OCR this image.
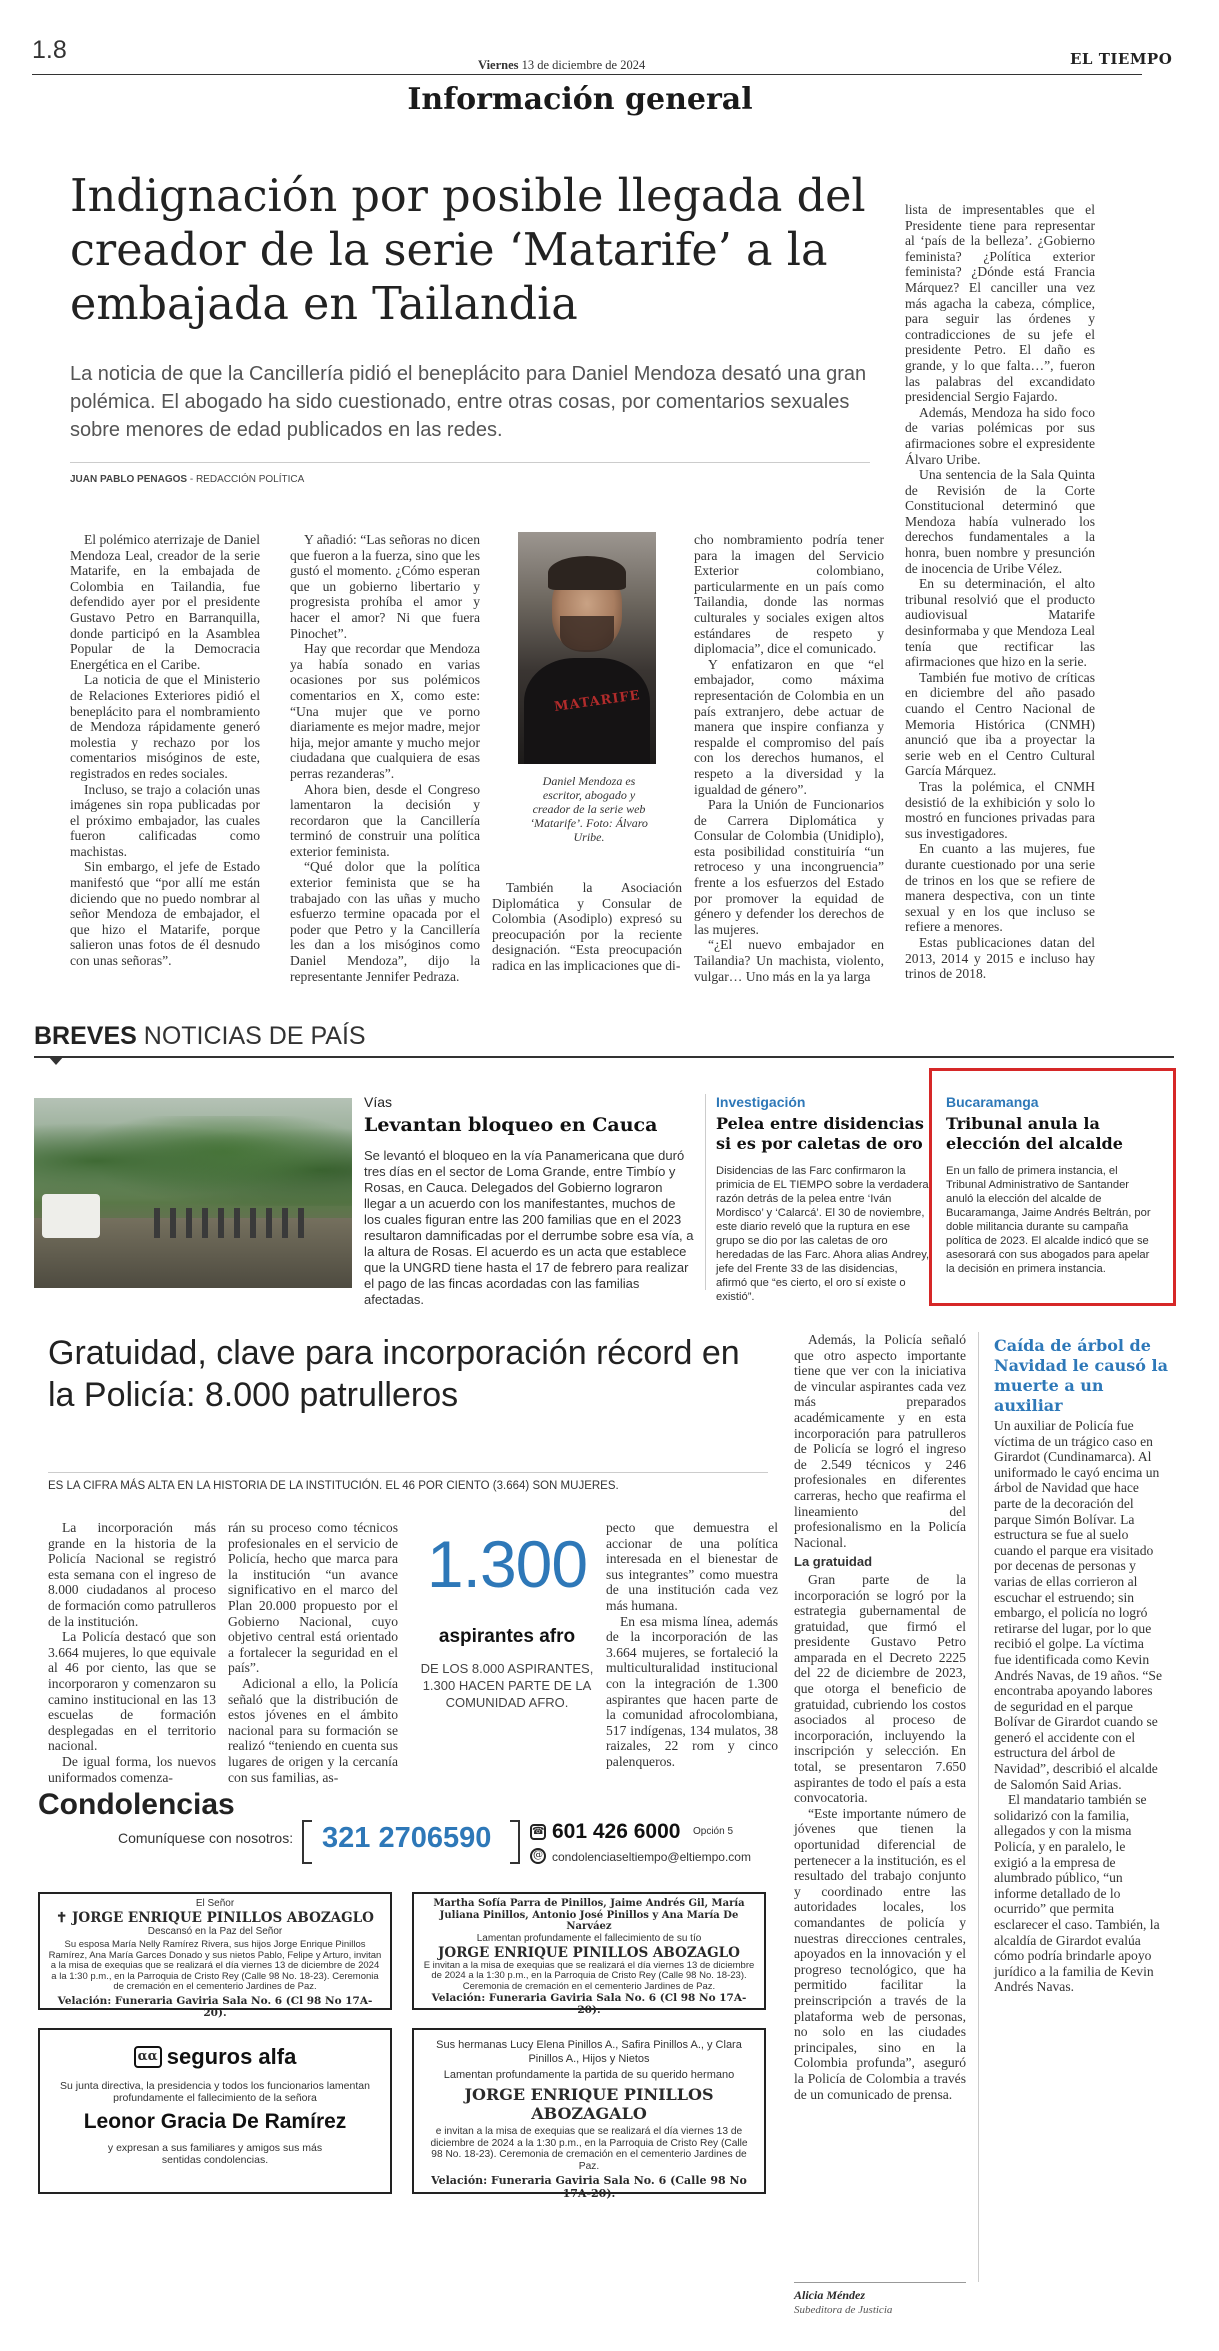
1.8
Viernes 13 de diciembre de 2024	EL TIEMPO
Información general
Indignación por posible llegada del creador de la serie ‘Matarife’ a la embajada en Tailandia
La noticia de que la Cancillería pidió el beneplácito para Daniel Mendoza desató una gran polémica. El abogado ha sido cuestionado, entre otras cosas, por comentarios sexuales sobre menores de edad publicados en las redes.
JUAN PABLO PENAGOS - REDACCIÓN POLÍTICA

El polémico aterrizaje de Daniel Mendoza Leal, creador de la serie Matarife, en la embajada de Colombia en Tailandia, fue defendido ayer por el presidente Gustavo Petro en Barranquilla, donde participó en la Asamblea Popular de la Democracia Energética en el Caribe.

La noticia de que el Ministerio de Relaciones Exteriores pidió el beneplácito para el nombramiento de Mendoza rápidamente generó molestia y rechazo por los comentarios misóginos de este, registrados en redes sociales.

Incluso, se trajo a colación unas imágenes sin ropa publicadas por el próximo embajador, las cuales fueron calificadas como machistas.

Sin embargo, el jefe de Estado manifestó que “por allí me están diciendo que no puedo nombrar al señor Mendoza de embajador, el que hizo el Matarife, porque salieron unas fotos de él desnudo con unas señoras”.

Y añadió: “Las señoras no dicen que fueron a la fuerza, sino que les gustó el momento. ¿Cómo esperan que un gobierno libertario y progresista prohíba el amor y hacer el amor? Ni que fuera Pinochet”.

Hay que recordar que Mendoza ya había sonado en varias ocasiones por sus polémicos comentarios en X, como este: “Una mujer que ve porno diariamente es mejor madre, mejor hija, mejor amante y mucho mejor ciudadana que cualquiera de esas perras rezanderas”.

Ahora bien, desde el Congreso lamentaron la decisión y recordaron que la Cancillería terminó de construir una política exterior feminista.

“Qué dolor que la política exterior feminista que se ha trabajado con las uñas y mucho esfuerzo termine opacada por el poder que Petro y la Cancillería les dan a los misóginos como Daniel Mendoza”, dijo la representante Jennifer Pedraza.

MATARIFE
Daniel Mendoza es escritor, abogado y creador de la serie web ‘Matarife’. Foto: Álvaro Uribe.

También la Asociación Diplomática y Consular de Colombia (Asodiplo) expresó su preocupación por la reciente designación. “Esta preocupación radica en las implicaciones que di-

cho nombramiento podría tener para la imagen del Servicio Exterior colombiano, particularmente en un país como Tailandia, donde las normas culturales y sociales exigen altos estándares de respeto y diplomacia”, dice el comunicado.

Y enfatizaron en que “el embajador, como máxima representación de Colombia en un país extranjero, debe actuar de manera que inspire confianza y respalde el compromiso del país con los derechos humanos, el respeto a la diversidad y la igualdad de género”.

Para la Unión de Funcionarios de Carrera Diplomática y Consular de Colombia (Unidiplo), esta posibilidad constituiría “un retroceso y una incongruencia” frente a los esfuerzos del Estado por promover la equidad de género y defender los derechos de las mujeres.

“¿El nuevo embajador en Tailandia? Un machista, violento, vulgar… Uno más en la ya larga

lista de impresentables que el Presidente tiene para representar al ‘país de la belleza’. ¿Gobierno feminista? ¿Política exterior feminista? ¿Dónde está Francia Márquez? El canciller una vez más agacha la cabeza, cómplice, para seguir las órdenes y contradicciones de su jefe el presidente Petro. El daño es grande, y lo que falta…”, fueron las palabras del excandidato presidencial Sergio Fajardo.

Además, Mendoza ha sido foco de varias polémicas por sus afirmaciones sobre el expresidente Álvaro Uribe.

Una sentencia de la Sala Quinta de Revisión de la Corte Constitucional determinó que Mendoza había vulnerado los derechos fundamentales a la honra, buen nombre y presunción de inocencia de Uribe Vélez.

En su determinación, el alto tribunal resolvió que el producto audiovisual Matarife desinformaba y que Mendoza Leal tenía que rectificar las afirmaciones que hizo en la serie.

También fue motivo de críticas en diciembre del año pasado cuando el Centro Nacional de Memoria Histórica (CNMH) anunció que iba a proyectar la serie web en el Centro Cultural García Márquez.

Tras la polémica, el CNMH desistió de la exhibición y solo lo mostró en funciones privadas para sus investigadores.

En cuanto a las mujeres, fue durante cuestionado por una serie de trinos en los que se refiere de manera despectiva, con un tinte sexual y en los que incluso se refiere a menores.

Estas publicaciones datan del 2013, 2014 y 2015 e incluso hay trinos de 2018.

BREVES NOTICIAS DE PAÍS
Vías
Levantan bloqueo en Cauca
Se levantó el bloqueo en la vía Panamericana que duró tres días en el sector de Loma Grande, entre Timbío y Rosas, en Cauca. Delegados del Gobierno lograron llegar a un acuerdo con los manifestantes, muchos de los cuales figuran entre las 200 familias que en el 2023 resultaron damnificadas por el derrumbe sobre esa vía, a la altura de Rosas. El acuerdo es un acta que establece que la UNGRD tiene hasta el 17 de febrero para realizar el pago de las fincas acordadas con las familias afectadas.
Investigación
Pelea entre disidencias si es por caletas de oro
Disidencias de las Farc confirmaron la primicia de EL TIEMPO sobre la verdadera razón detrás de la pelea entre ‘Iván Mordisco’ y ‘Calarcá’. El 30 de noviembre, este diario reveló que la ruptura en ese grupo se dio por las caletas de oro heredadas de las Farc. Ahora alias Andrey, jefe del Frente 33 de las disidencias, afirmó que “es cierto, el oro sí existe o existió”.
Bucaramanga
Tribunal anula la elección del alcalde
En un fallo de primera instancia, el Tribunal Administrativo de Santander anuló la elección del alcalde de Bucaramanga, Jaime Andrés Beltrán, por doble militancia durante su campaña política de 2023. El alcalde indicó que se asesorará con sus abogados para apelar la decisión en primera instancia.
Gratuidad, clave para incorporación récord en la Policía: 8.000 patrulleros
ES LA CIFRA MÁS ALTA EN LA HISTORIA DE LA INSTITUCIÓN. EL 46 POR CIENTO (3.664) SON MUJERES.

La incorporación más grande en la historia de la Policía Nacional se registró esta semana con el ingreso de 8.000 ciudadanos al proceso de formación como patrulleros de la institución.

La Policía destacó que son 3.664 mujeres, lo que equivale al 46 por ciento, las que se incorporaron y comenzaron su camino institucional en las 13 escuelas de formación desplegadas en el territorio nacional.

De igual forma, los nuevos uniformados comenza-

rán su proceso como técnicos profesionales en el servicio de Policía, hecho que marca para la institución “un avance significativo en el marco del Plan 20.000 propuesto por el Gobierno Nacional, cuyo objetivo central está orientado a fortalecer la seguridad en el país”.

Adicional a ello, la Policía señaló que la distribución de estos jóvenes en el ámbito nacional para su formación se realizó “teniendo en cuenta sus lugares de origen y la cercanía con sus familias, as-

1.300
aspirantes afro
DE LOS 8.000 ASPIRANTES, 1.300 HACEN PARTE DE LA COMUNIDAD AFRO.

pecto que demuestra el accionar de una política interesada en el bienestar de sus integrantes” como muestra de una institución cada vez más humana.

En esa misma línea, además de la incorporación de las 3.664 mujeres, se fortaleció la multiculturalidad institucional con la integración de 1.300 aspirantes que hacen parte de la comunidad afrocolombiana, 517 indígenas, 134 mulatos, 38 raizales, 22 rom y cinco palenqueros.

Además, la Policía señaló que otro aspecto importante tiene que ver con la iniciativa de vincular aspirantes cada vez más preparados académicamente y en esta incorporación para patrulleros de Policía se logró el ingreso de 2.549 técnicos y 246 profesionales en diferentes carreras, hecho que reafirma el lineamiento del profesionalismo en la Policía Nacional.

La gratuidad

Gran parte de la incorporación se logró por la estrategia gubernamental de gratuidad, que firmó el presidente Gustavo Petro amparada en el Decreto 2225 del 22 de diciembre de 2023, que otorga el beneficio de gratuidad, cubriendo los costos asociados al proceso de incorporación, incluyendo la inscripción y selección. En total, se presentaron 7.650 aspirantes de todo el país a esta convocatoria.

“Este importante número de jóvenes que tienen la oportunidad diferencial de pertenecer a la institución, es el resultado del trabajo conjunto y coordinado entre las autoridades locales, los comandantes de policía y nuestras direcciones centrales, apoyados en la innovación y el progreso tecnológico, que ha permitido facilitar la preinscripción a través de la plataforma web de personas, no solo en las ciudades principales, sino en la Colombia profunda”, aseguró la Policía de Colombia a través de un comunicado de prensa.

Alicia Méndez
Subeditora de Justicia
Caída de árbol de Navidad le causó la muerte a un auxiliar

Un auxiliar de Policía fue víctima de un trágico caso en Girardot (Cundinamarca). Al uniformado le cayó encima un árbol de Navidad que hace parte de la decoración del parque Simón Bolívar. La estructura se fue al suelo cuando el parque era visitado por decenas de personas y varias de ellas corrieron al escuchar el estruendo; sin embargo, el policía no logró retirarse del lugar, por lo que recibió el golpe. La víctima fue identificada como Kevin Andrés Navas, de 19 años. “Se encontraba apoyando labores de seguridad en el parque Bolívar de Girardot cuando se generó el accidente con el estructura del árbol de Navidad”, describió el alcalde de Salomón Said Arias.

El mandatario también se solidarizó con la familia, allegados y con la misma Policía, y en paralelo, le exigió a la empresa de alumbrado público, “un informe detallado de lo ocurrido” que permita esclarecer el caso. También, la alcaldía de Girardot evalúa cómo podría brindarle apoyo jurídico a la familia de Kevin Andrés Navas.

Condolencias
Comuníquese con nosotros: 321 2706590	☎ 601 426 6000 Opción 5
@ condolenciaseltiempo@eltiempo.com
El Señor
✝ JORGE ENRIQUE PINILLOS ABOZAGLO
Descansó en la Paz del Señor
Su esposa María Nelly Ramírez Rivera, sus hijos Jorge Enrique Pinillos Ramírez, Ana María Garces Donado y sus nietos Pablo, Felipe y Arturo, invitan a la misa de exequias que se realizará el día viernes 13 de diciembre de 2024 a la 1:30 p.m., en la Parroquia de Cristo Rey (Calle 98 No. 18-23). Ceremonia de cremación en el cementerio Jardines de Paz.
Velación: Funeraria Gaviria Sala No. 6 (Cl 98 No 17A-20).
Martha Sofía Parra de Pinillos, Jaime Andrés Gil, María Juliana Pinillos, Antonio José Pinillos y Ana María De Narváez
Lamentan profundamente el fallecimiento de su tío
JORGE ENRIQUE PINILLOS ABOZAGLO
E invitan a la misa de exequias que se realizará el día viernes 13 de diciembre de 2024 a la 1:30 p.m., en la Parroquia de Cristo Rey (Calle 98 No. 18-23). Ceremonia de cremación en el cementerio Jardines de Paz.
Velación: Funeraria Gaviria Sala No. 6 (Cl 98 No 17A-20).
αα seguros alfa
Su junta directiva, la presidencia y todos los funcionarios lamentan profundamente el fallecimiento de la señora
Leonor Gracia De Ramírez
y expresan a sus familiares y amigos sus más sentidas condolencias.
Sus hermanas Lucy Elena Pinillos A., Safira Pinillos A., y Clara Pinillos A., Hijos y Nietos
Lamentan profundamente la partida de su querido hermano
JORGE ENRIQUE PINILLOS ABOZAGALO
e invitan a la misa de exequias que se realizará el día viernes 13 de diciembre de 2024 a la 1:30 p.m., en la Parroquia de Cristo Rey (Calle 98 No. 18-23). Ceremonia de cremación en el cementerio Jardines de Paz.
Velación: Funeraria Gaviria Sala No. 6 (Calle 98 No 17A-20).
